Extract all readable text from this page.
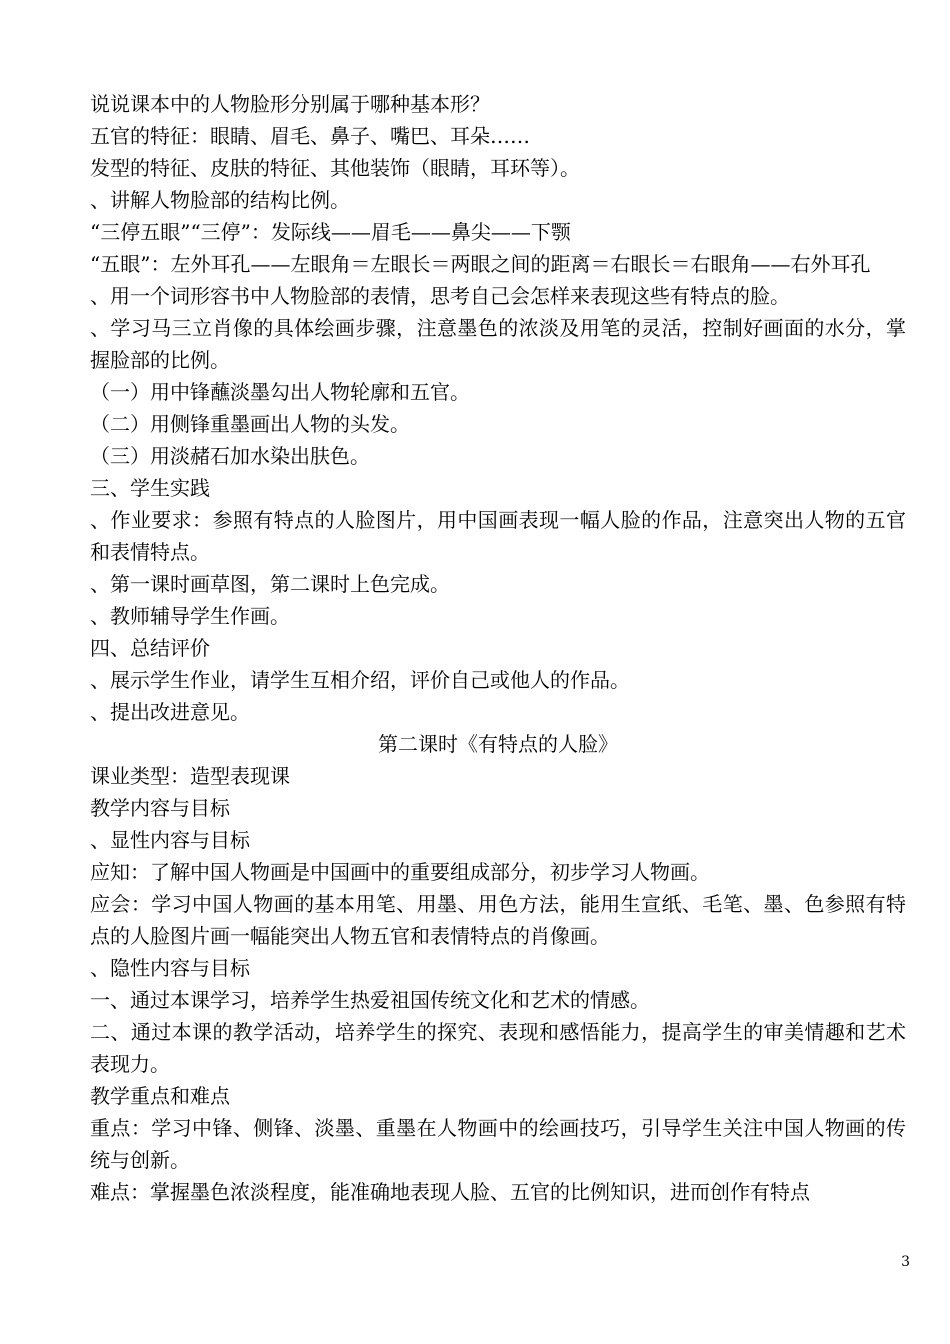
说说课本中的人物脸形分别属于哪种基本形？
五官的特征：眼睛、眉毛、鼻子、嘴巴、耳朵……
发型的特征、皮肤的特征、其他装饰（眼睛，耳环等）。
、讲解人物脸部的结构比例。
“三停五眼”“三停”：发际线——眉毛——鼻尖——下颚
“五眼”：左外耳孔——左眼角＝左眼长＝两眼之间的距离＝右眼长＝右眼角——右外耳孔
、用一个词形容书中人物脸部的表情，思考自己会怎样来表现这些有特点的脸。
、学习马三立肖像的具体绘画步骤，注意墨色的浓淡及用笔的灵活，控制好画面的水分，掌握脸部的比例。
（一）用中锋蘸淡墨勾出人物轮廓和五官。
（二）用侧锋重墨画出人物的头发。
（三）用淡赭石加水染出肤色。
三、学生实践
、作业要求：参照有特点的人脸图片，用中国画表现一幅人脸的作品，注意突出人物的五官和表情特点。
、第一课时画草图，第二课时上色完成。
、教师辅导学生作画。
四、总结评价
、展示学生作业，请学生互相介绍，评价自己或他人的作品。
、提出改进意见。
第二课时《有特点的人脸》
课业类型：造型表现课
教学内容与目标
、显性内容与目标
应知：了解中国人物画是中国画中的重要组成部分，初步学习人物画。
应会：学习中国人物画的基本用笔、用墨、用色方法，能用生宣纸、毛笔、墨、色参照有特点的人脸图片画一幅能突出人物五官和表情特点的肖像画。
、隐性内容与目标
一、通过本课学习，培养学生热爱祖国传统文化和艺术的情感。
二、通过本课的教学活动，培养学生的探究、表现和感悟能力，提高学生的审美情趣和艺术表现力。
教学重点和难点
重点：学习中锋、侧锋、淡墨、重墨在人物画中的绘画技巧，引导学生关注中国人物画的传统与创新。
难点：掌握墨色浓淡程度，能准确地表现人脸、五官的比例知识，进而创作有特点
3
